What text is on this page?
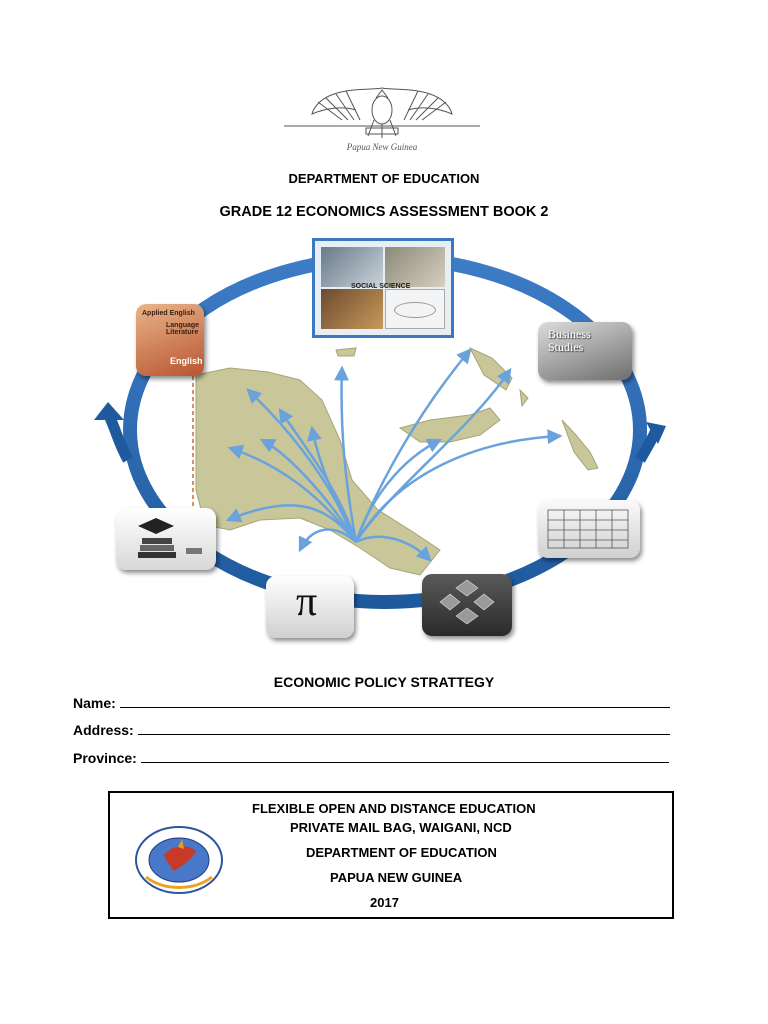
Papua New Guinea
DEPARTMENT OF EDUCATION
GRADE 12 ECONOMICS ASSESSMENT BOOK 2
SOCIAL SCIENCE
Applied English
Language Literature
English
Business Studies
π
ECONOMIC POLICY STRATTEGY
Name:
Address:
Province:
FLEXIBLE OPEN AND DISTANCE EDUCATION
PRIVATE MAIL BAG, WAIGANI, NCD
DEPARTMENT OF EDUCATION
PAPUA NEW GUINEA
2017
